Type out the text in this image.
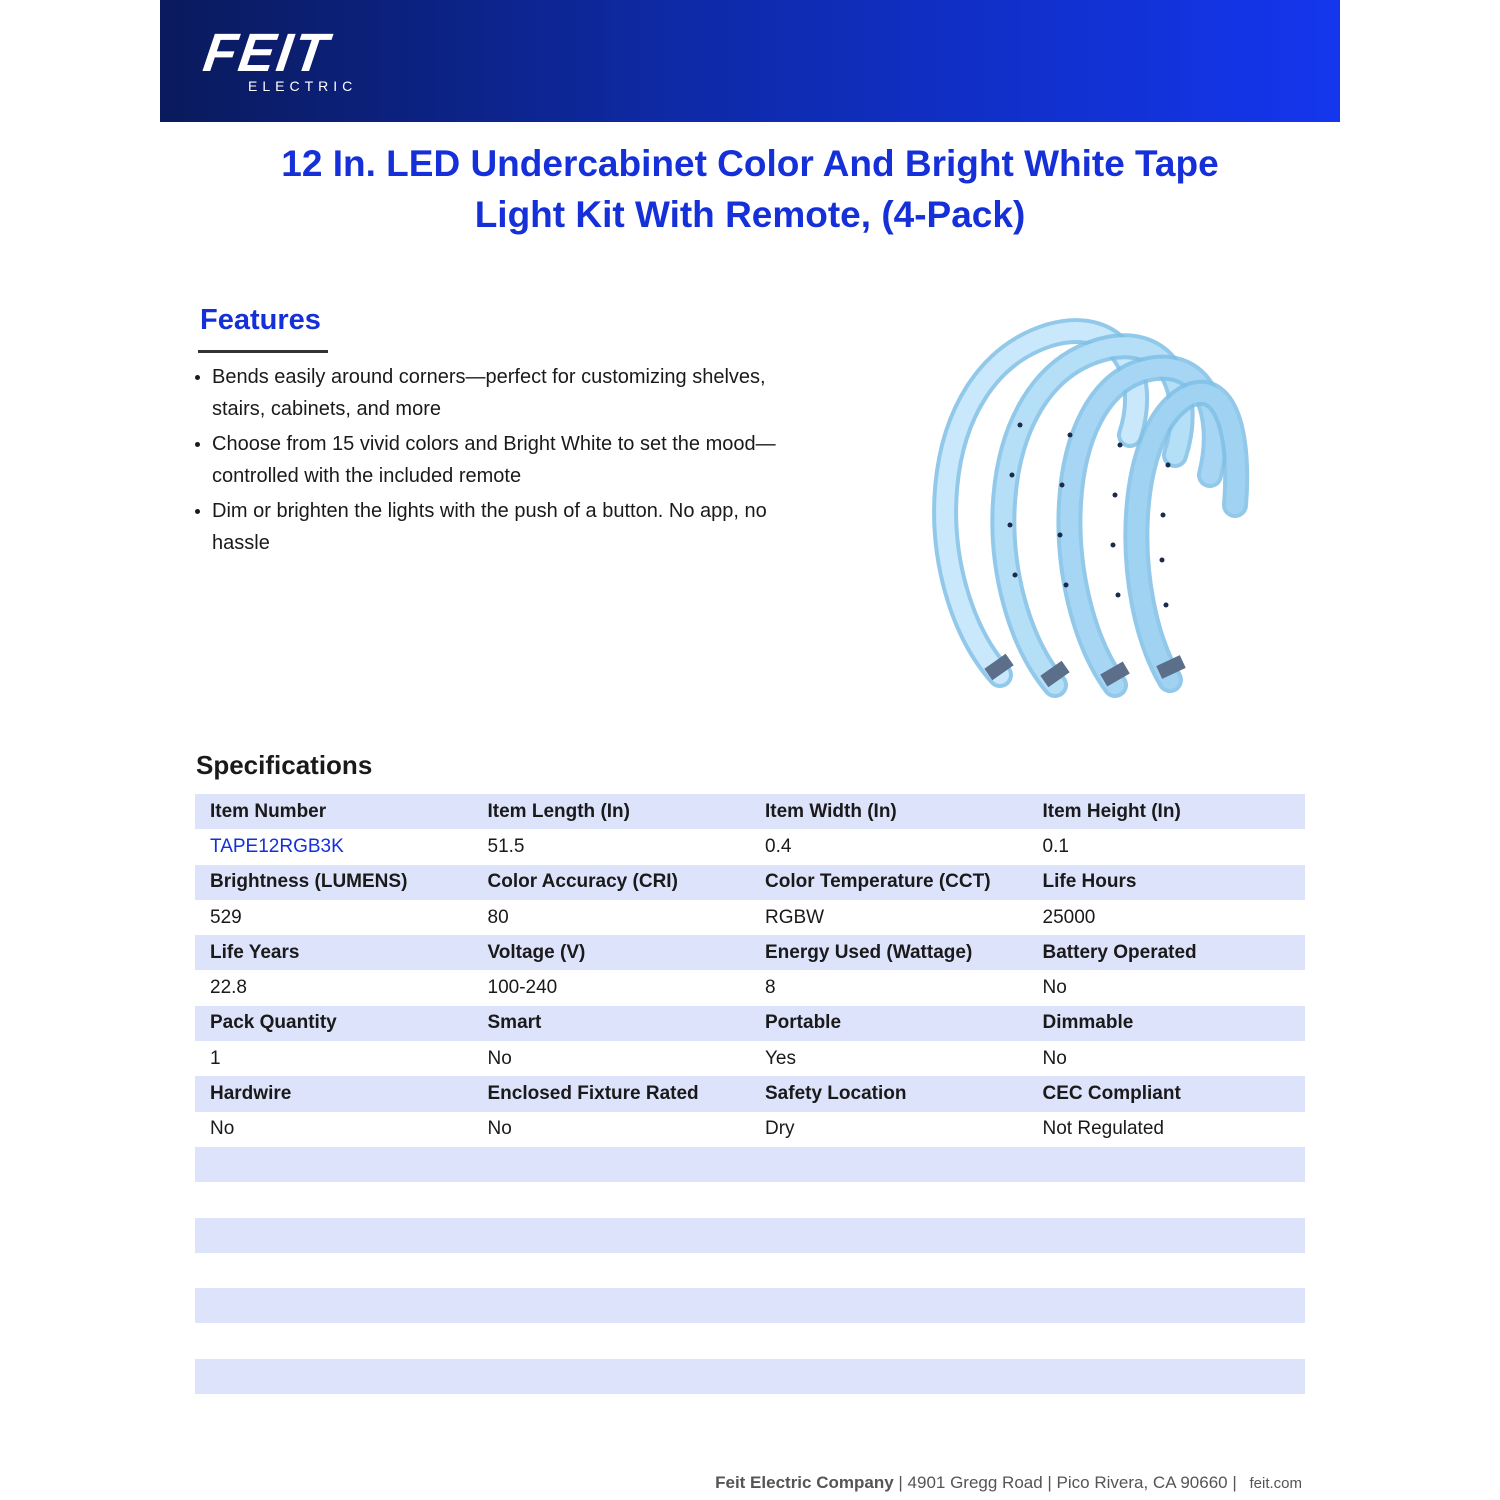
FEIT
ELECTRIC
12 In. LED Undercabinet Color And Bright White Tape
Light Kit With Remote, (4-Pack)
Features
Bends easily around corners—perfect for customizing shelves, stairs, cabinets, and more
Choose from 15 vivid colors and Bright White to set the mood—controlled with the included remote
Dim or brighten the lights with the push of a button. No app, no hassle
Specifications
Item Number	Item Length (In)	Item Width (In)	Item Height (In)
TAPE12RGB3K	51.5	0.4	0.1
Brightness (LUMENS)	Color Accuracy (CRI)	Color Temperature (CCT)	Life Hours
529	80	RGBW	25000
Life Years	Voltage (V)	Energy Used (Wattage)	Battery Operated
22.8	100-240	8	No
Pack Quantity	Smart	Portable	Dimmable
1	No	Yes	No
Hardwire	Enclosed Fixture Rated	Safety Location	CEC Compliant
No	No	Dry	Not Regulated
Feit Electric Company | 4901 Gregg Road | Pico Rivera, CA 90660 | feit.com
